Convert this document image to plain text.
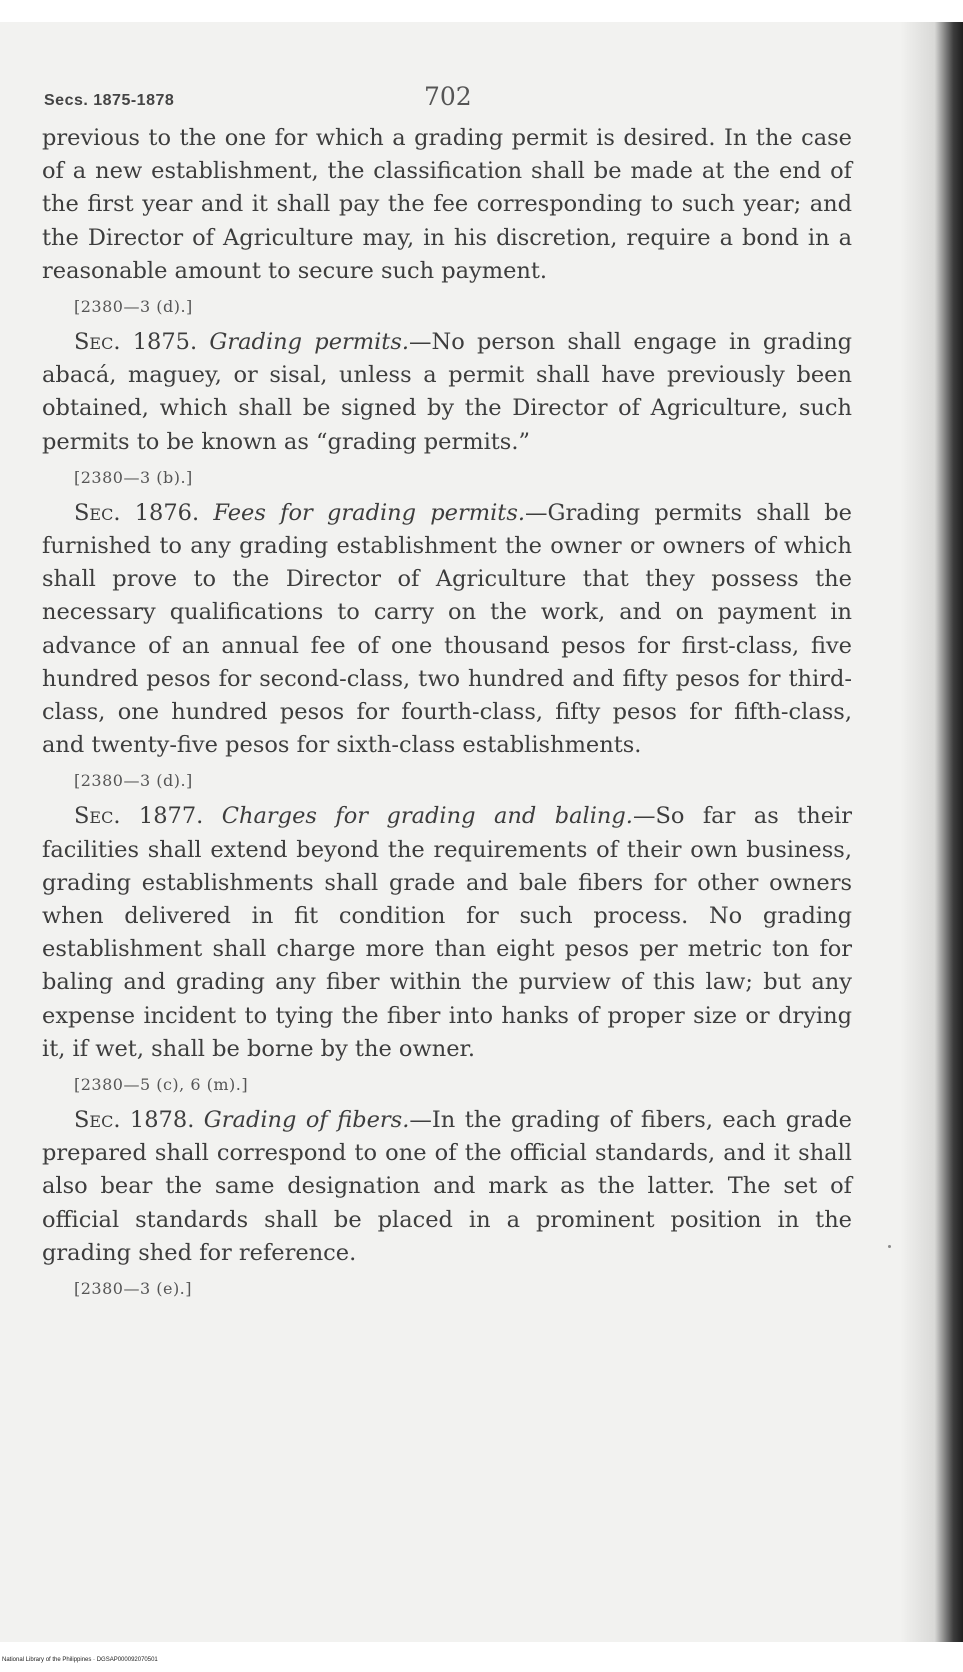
Secs. 1875-1878	702

previous to the one for which a grading permit is desired. In the case of a new establishment, the classification shall be made at the end of the first year and it shall pay the fee corresponding to such year; and the Director of Agriculture may, in his discretion, require a bond in a reasonable amount to secure such payment.

[2380—3 (d).]

Sec. 1875. Grading permits.—No person shall engage in grading abacá, maguey, or sisal, unless a permit shall have previously been obtained, which shall be signed by the Director of Agriculture, such permits to be known as “grading permits.”

[2380—3 (b).]

Sec. 1876. Fees for grading permits.—Grading permits shall be furnished to any grading establishment the owner or owners of which shall prove to the Director of Agriculture that they possess the necessary qualifications to carry on the work, and on payment in advance of an annual fee of one thousand pesos for first-class, five hundred pesos for second-class, two hundred and fifty pesos for third-class, one hundred pesos for fourth-class, fifty pesos for fifth-class, and twenty-five pesos for sixth-class establishments.

[2380—3 (d).]

Sec. 1877. Charges for grading and baling.—So far as their facilities shall extend beyond the requirements of their own business, grading establishments shall grade and bale fibers for other owners when delivered in fit condition for such process. No grading establishment shall charge more than eight pesos per metric ton for baling and grading any fiber within the purview of this law; but any expense incident to tying the fiber into hanks of proper size or drying it, if wet, shall be borne by the owner.

[2380—5 (c), 6 (m).]

Sec. 1878. Grading of fibers.—In the grading of fibers, each grade prepared shall correspond to one of the official standards, and it shall also bear the same designation and mark as the latter. The set of official standards shall be placed in a prominent position in the grading shed for reference.

[2380—3 (e).]
National Library of the Philippines · DGSAP000092070501
